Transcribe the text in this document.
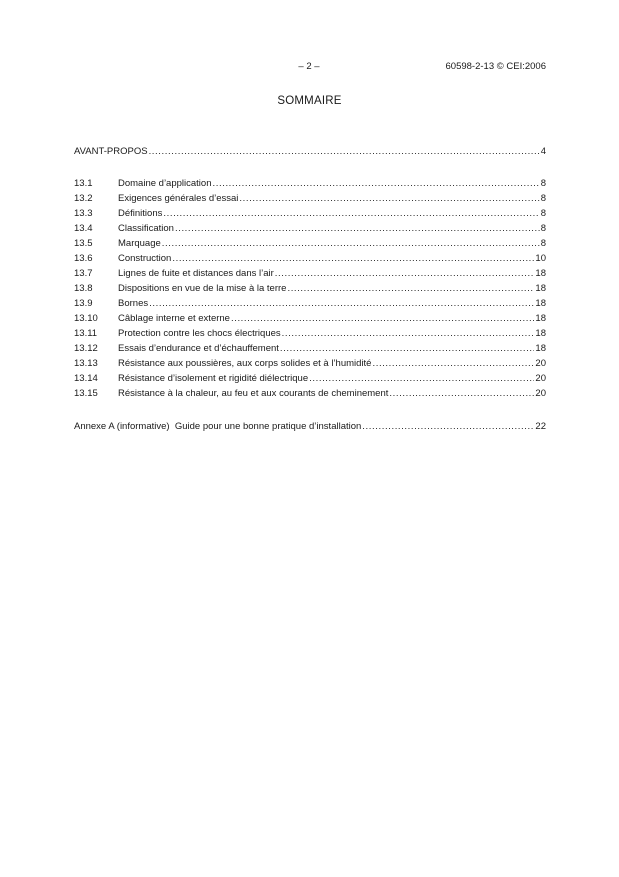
– 2 –	60598-2-13 © CEI:2006
SOMMAIRE
AVANT-PROPOS .....	4
13.1	Domaine d’application .....	8
13.2	Exigences générales d’essai .....	8
13.3	Définitions .....	8
13.4	Classification .....	8
13.5	Marquage .....	8
13.6	Construction .....	10
13.7	Lignes de fuite et distances dans l’air .....	18
13.8	Dispositions en vue de la mise à la terre .....	18
13.9	Bornes .....	18
13.10	Câblage interne et externe .....	18
13.11	Protection contre les chocs électriques .....	18
13.12	Essais d’endurance et d’échauffement .....	18
13.13	Résistance aux poussières, aux corps solides et à l’humidité .....	20
13.14	Résistance d’isolement et rigidité diélectrique .....	20
13.15	Résistance à la chaleur, au feu et aux courants de cheminement .....	20
Annexe A (informative)  Guide pour une bonne pratique d’installation .....	22
